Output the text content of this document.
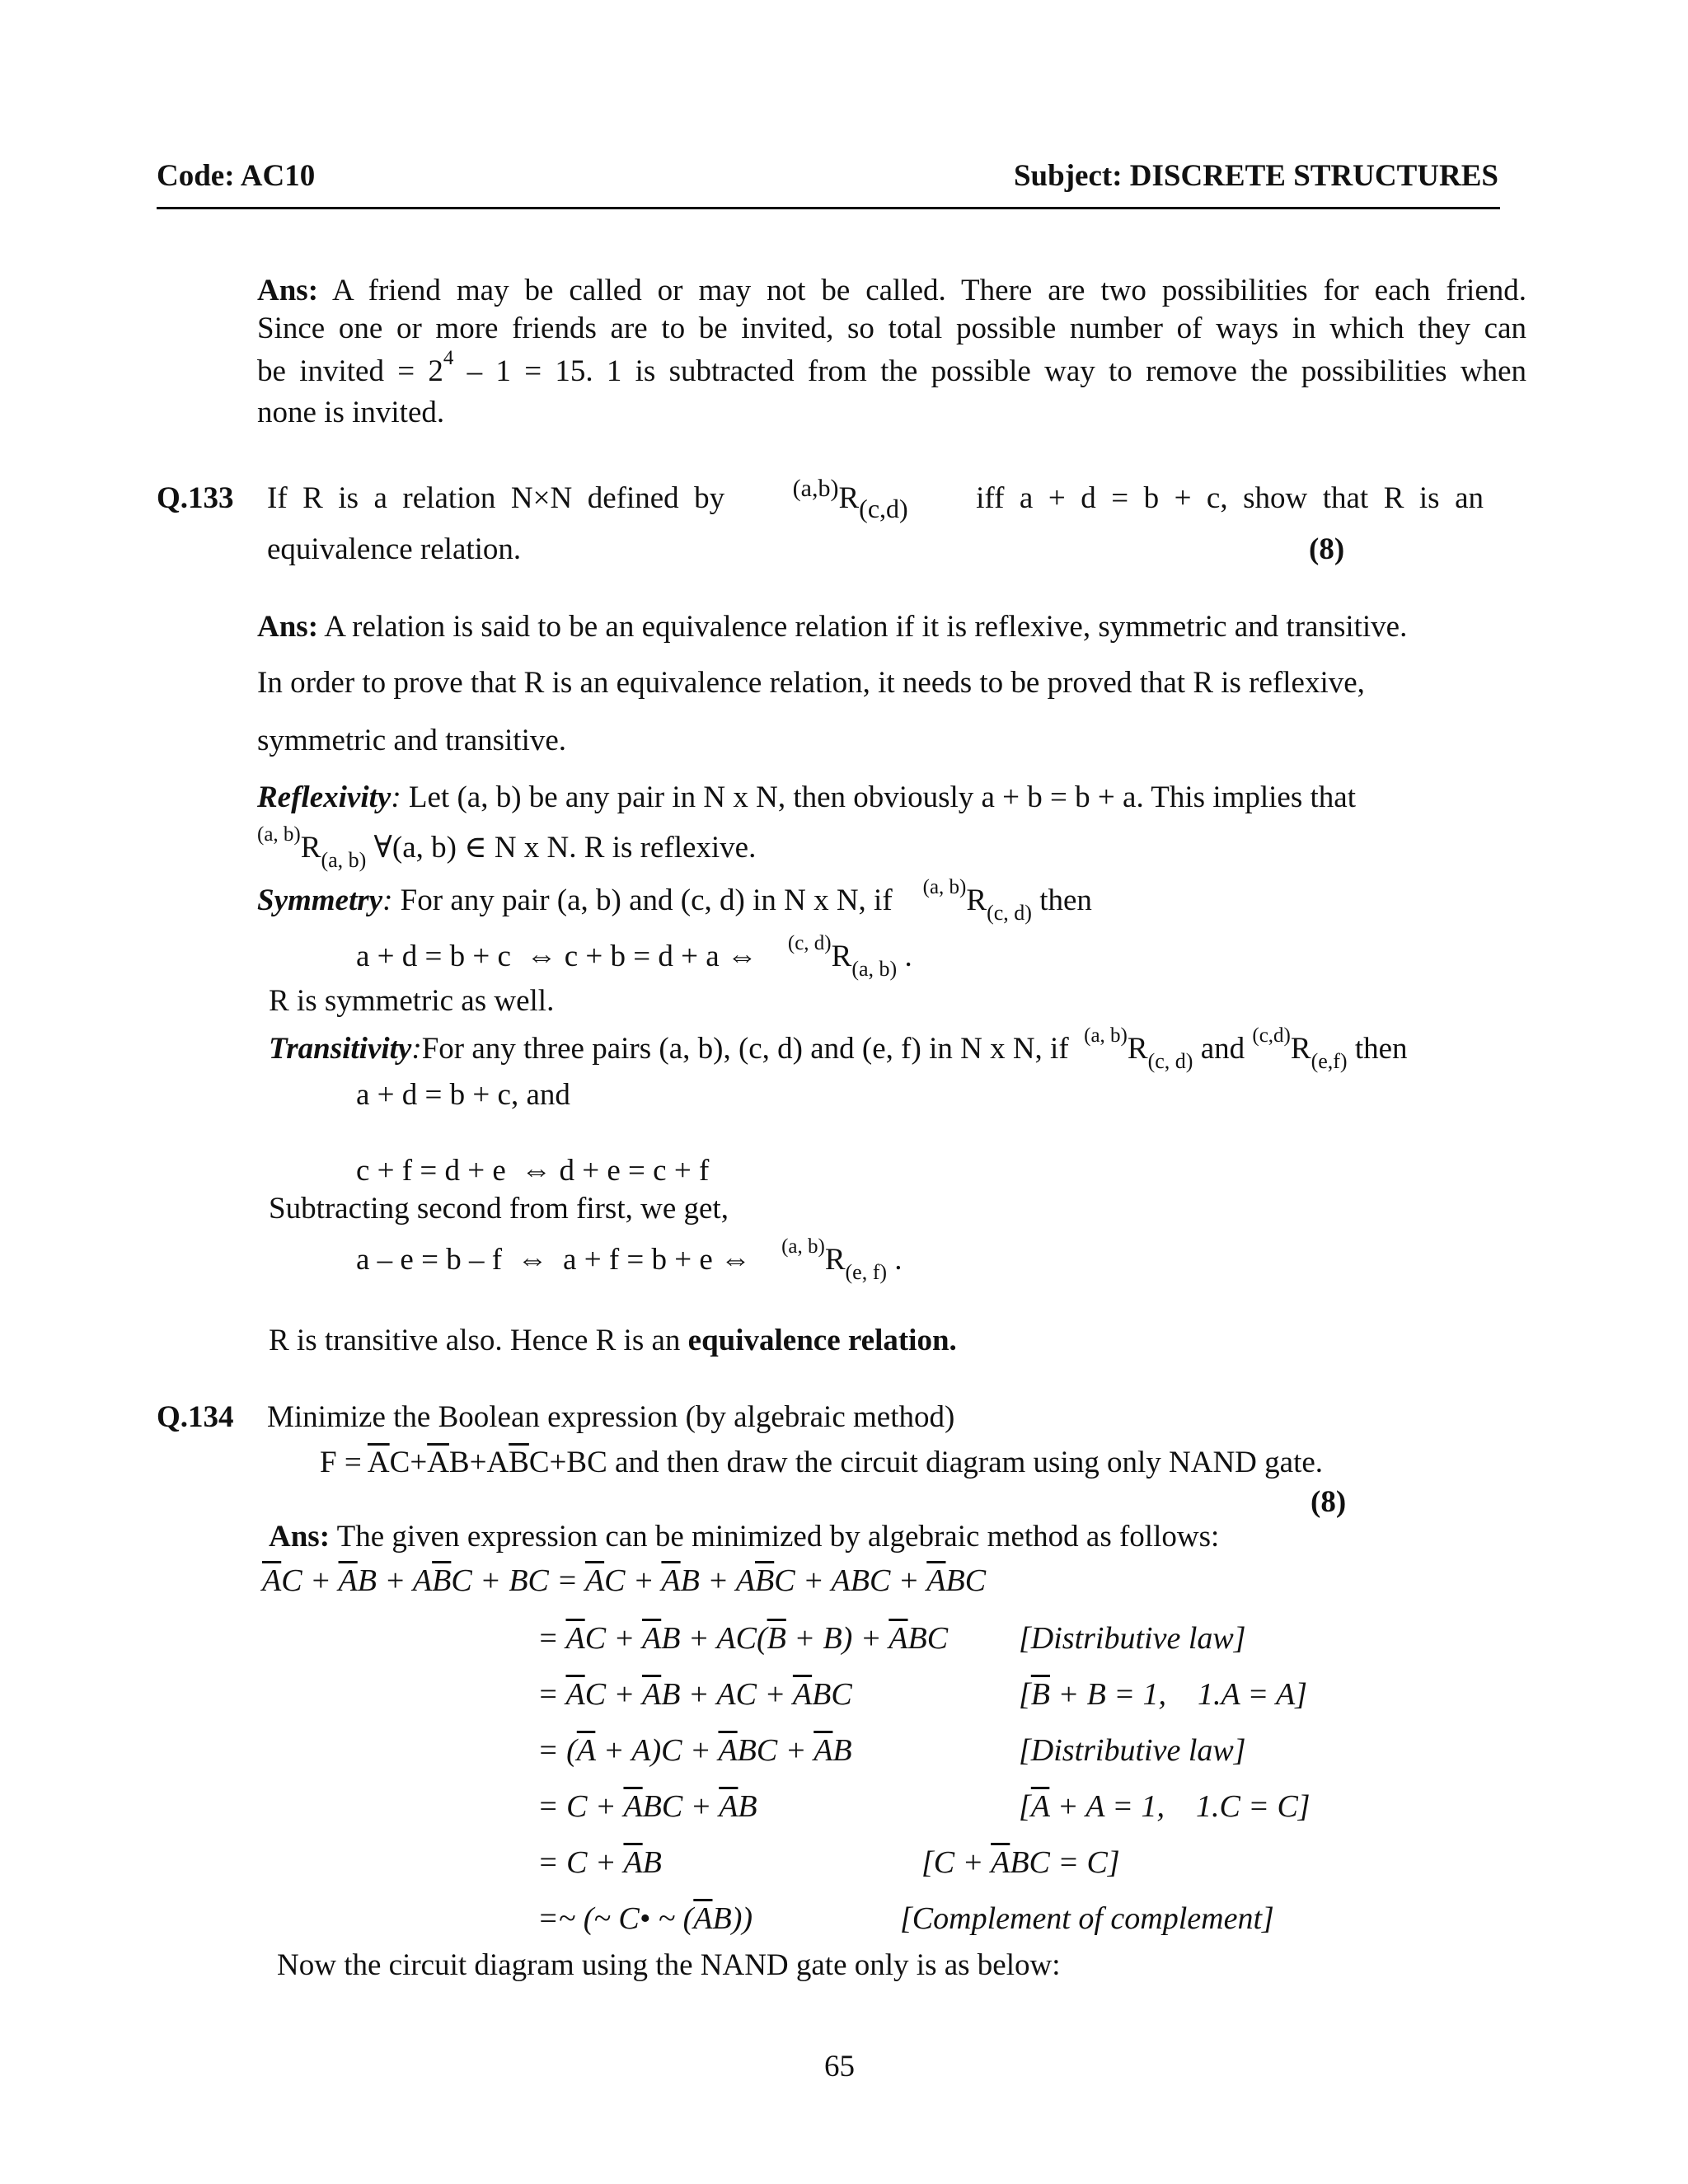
Code: AC10	Subject: DISCRETE STRUCTURES

Ans: A friend may be called or may not be called. There are two possibilities for each friend.

Since one or more friends are to be invited, so total possible number of ways in which they can

be invited = $2^4 - 1 = 15$. 1 is subtracted from the possible way to remove the possibilities when

none is invited.

Q.133 If  R  is  a  relation  N×N  defined  by	$^{(a,b)}$R(c,d) iff  a  +  d  =  b  +  c,  show  that  R  is  an
equivalence relation.	(8)
Ans: A relation is said to be an equivalence relation if it is reflexive, symmetric and transitive.
In order to prove that R is an equivalence relation, it needs to be proved that R is reflexive,
symmetric and transitive.
Reflexivity: Let (a, b) be any pair in N x N, then obviously a + b = b + a. This implies that
$^{(a, b)}R_{(a, b)}$ ∀(a, b) ∈ N x N. R is reflexive.
Symmetry: For any pair (a, b) and (c, d) in N x N, if $^{(a, b)}R_{(c, d)}$ then
a + d = b + c  ⇔ c + b = d + a ⇔ $^{(c, d)}R_{(a, b)}$ .
R is symmetric as well.
Transitivity:For any three pairs (a, b), (c, d) and (e, f) in N x N, if $^{(a, b)}R_{(c, d)}$ and $^{(c,d)}R_{(e,f)}$ then
a + d = b + c, and
c + f = d + e  ⇔ d + e = c + f
Subtracting second from first, we get,
a – e = b – f  ⇔  a + f = b + e ⇔ $^{(a, b)}R_{(e, f)}$ .
R is transitive also. Hence R is an equivalence relation.
Q.134 Minimize the Boolean expression (by algebraic method)
$F = \overline{A}C+\overline{A}B+A\overline{B}C+BC$ and then draw the circuit diagram using only NAND gate.
(8)
Ans: The given expression can be minimized by algebraic method as follows:
$\overline{A}C + \overline{A}B + A\overline{B}C$ + BC = $\overline{A}C + \overline{A}B + A\overline{B}C$ + ABC + $\overline{A}BC$
= $\overline{A}C + \overline{A}B + AC(\overline{B} + B) + \overline{A}BC$ [Distributive law]
= $\overline{A}C + \overline{A}B$ + AC + $\overline{A}BC$	[$\overline{B} + B = 1$,    1.A = A]
= $(\overline{A} + A)C + \overline{A}BC + \overline{A}B$	[Distributive law]
= $C + \overline{A}BC + \overline{A}B$	[$\overline{A} + A = 1$,    1.C = C]
= $C + \overline{A}B$	$[C + \overline{A}BC = C]$
=~ (~ C• ~ $(\overline{A}B)$)	[Complement of complement]
Now the circuit diagram using the NAND gate only is as below:
65
